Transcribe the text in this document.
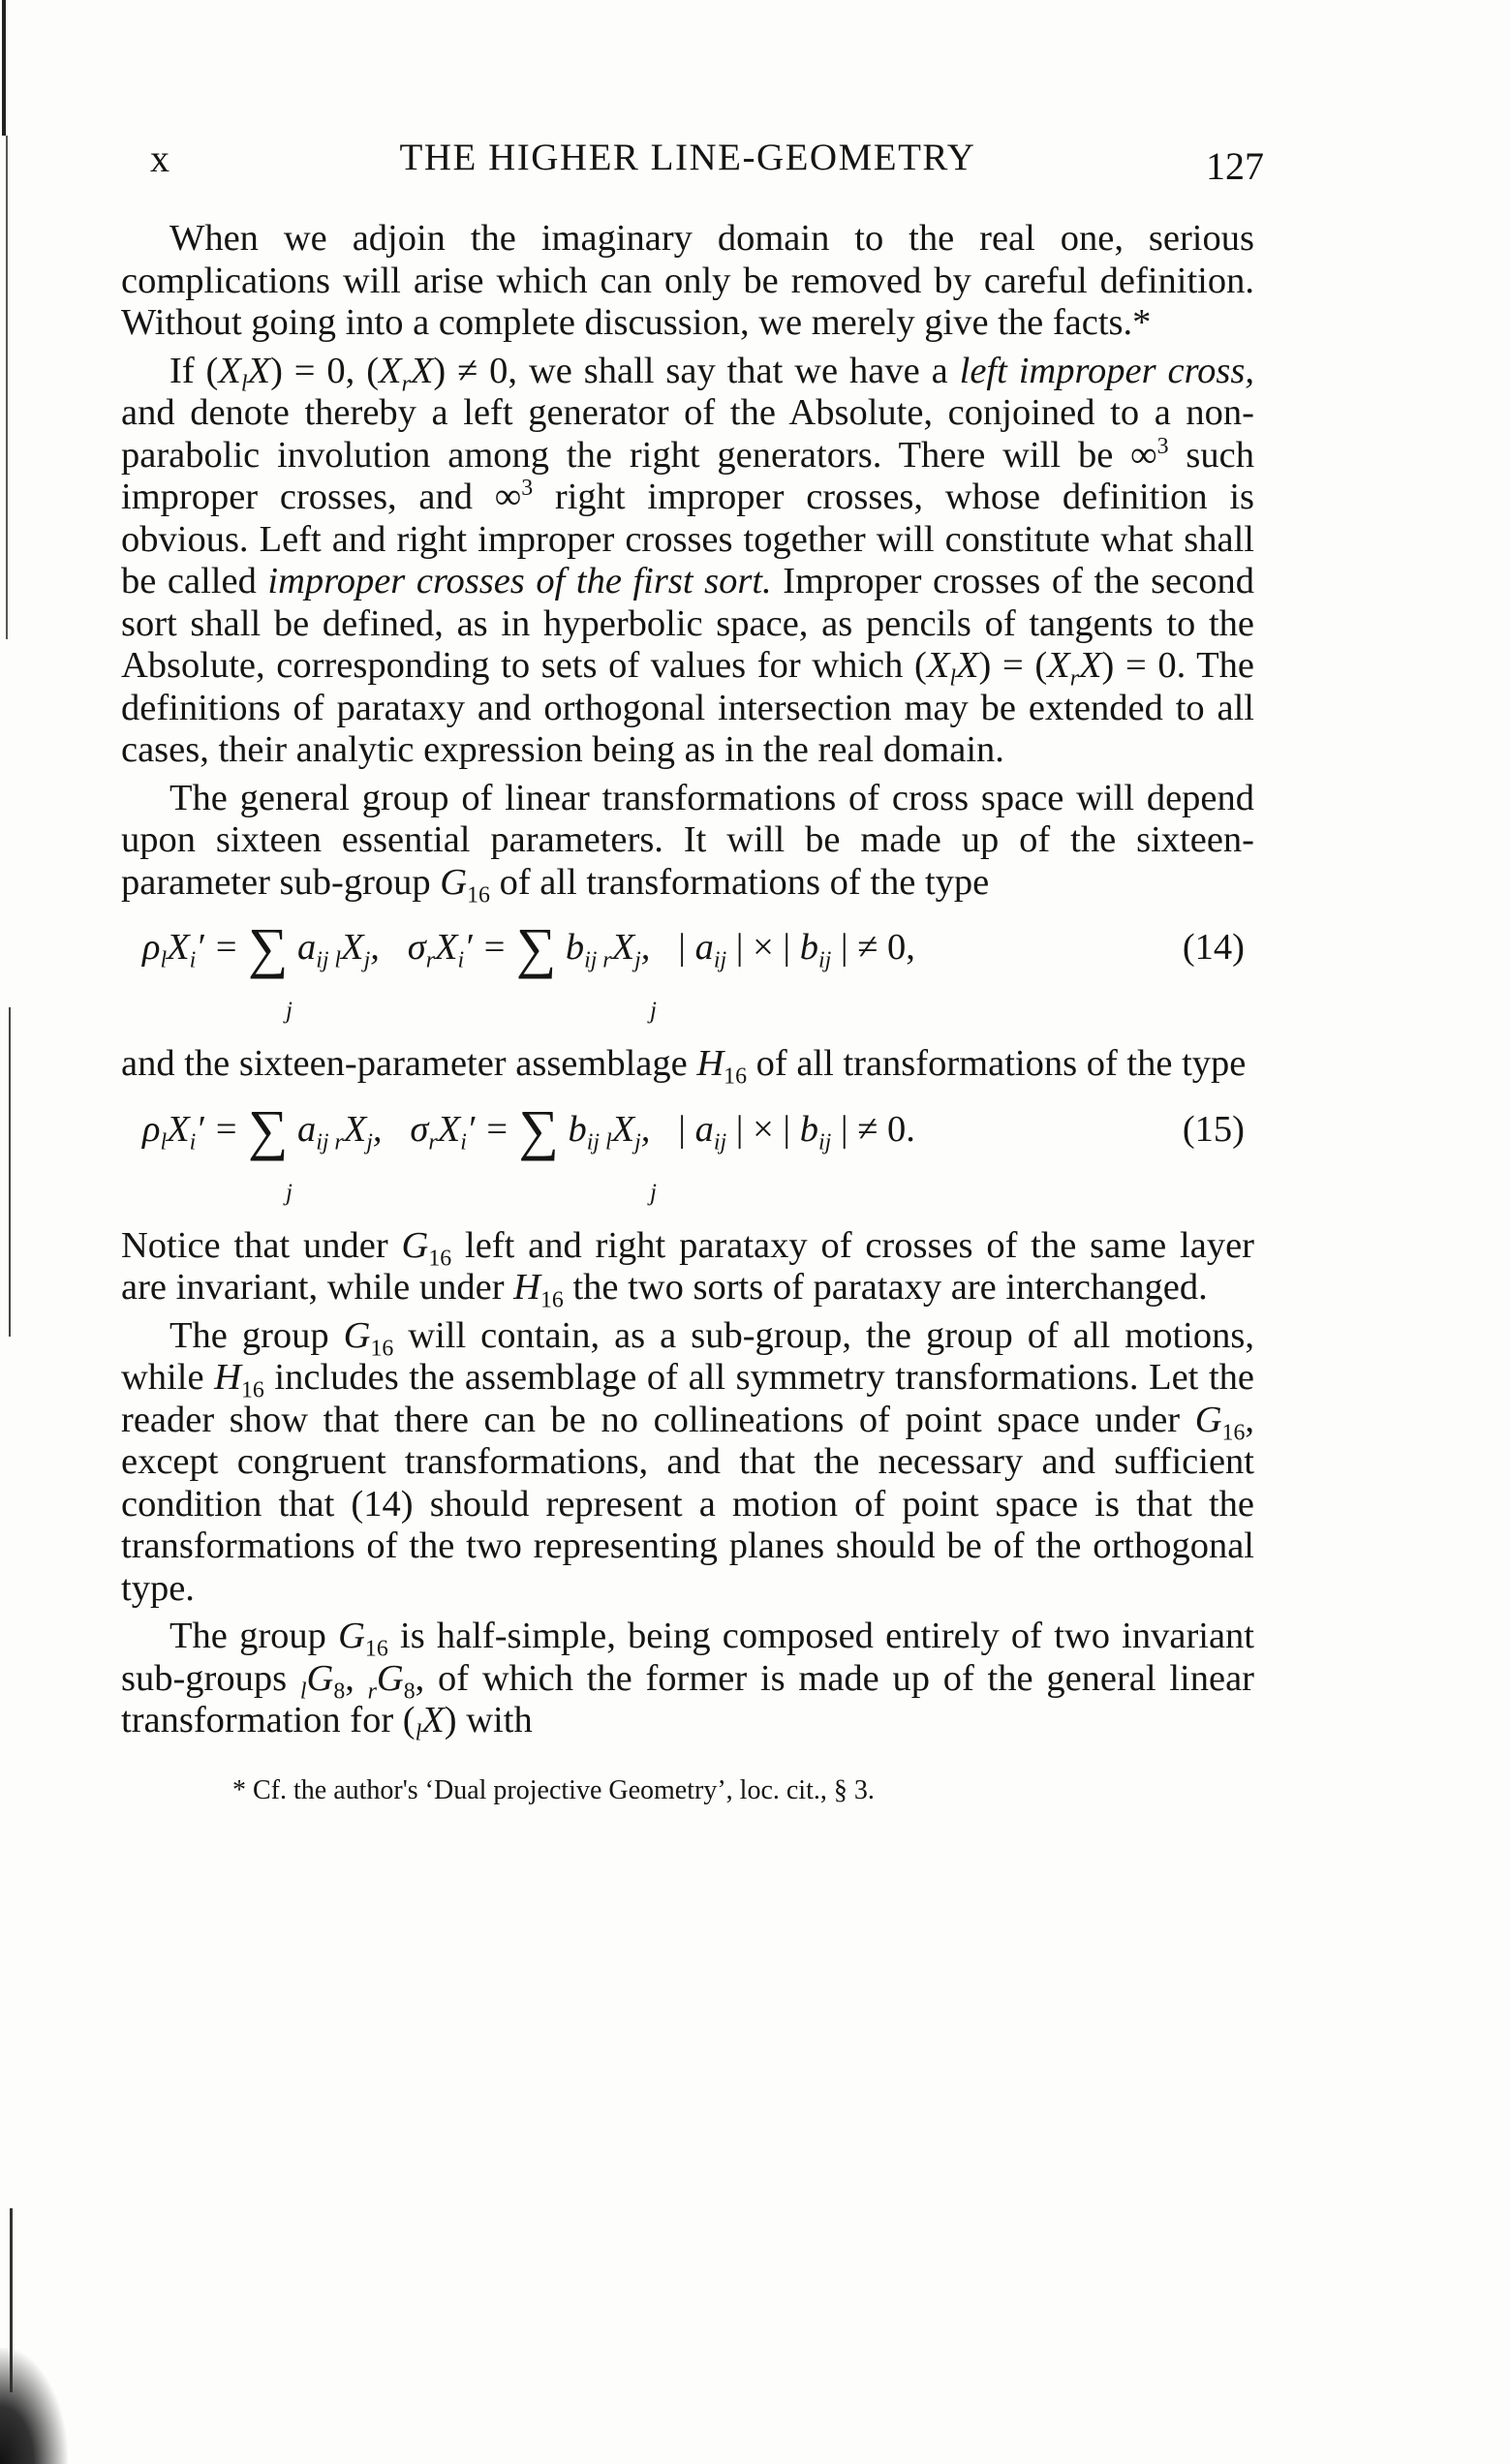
x	THE HIGHER LINE-GEOMETRY	127

When we adjoin the imaginary domain to the real one, serious complications will arise which can only be removed by careful definition. Without going into a complete discussion, we merely give the facts.*

If $(X_lX) = 0$, $(X_rX) \ne 0$, we shall say that we have a left improper cross, and denote thereby a left generator of the Absolute, conjoined to a non-parabolic involution among the right generators. There will be ∞$^3$ such improper crosses, and ∞$^3$ right improper crosses, whose definition is obvious. Left and right improper crosses together will constitute what shall be called improper crosses of the first sort. Improper crosses of the second sort shall be defined, as in hyperbolic space, as pencils of tangents to the Absolute, corresponding to sets of values for which $(X_lX) = (X_rX) = 0$. The definitions of parataxy and orthogonal intersection may be extended to all cases, their analytic expression being as in the real domain.

The general group of linear transformations of cross space will depend upon sixteen essential parameters. It will be made up of the sixteen-parameter sub-group $G_{16}$ of all transformations of the type

$\rho_lX_i'$ = ∑ $a_{ij l}X_j$,   $\sigma_rX_i'$ = ∑ $b_{ij r}X_j$,   | $a_{ij}$ | × | $b_{ij}$ | ≠ 0,
j	j
(14)

and the sixteen-parameter assemblage $H_{16}$ of all transformations of the type

$\rho_lX_i'$ = ∑ $a_{ij r}X_j$,   $\sigma_rX_i'$ = ∑ $b_{ij l}X_j$,   | $a_{ij}$ | × | $b_{ij}$ | ≠ 0.
j	j
(15)

Notice that under $G_{16}$ left and right parataxy of crosses of the same layer are invariant, while under $H_{16}$ the two sorts of parataxy are interchanged.

The group $G_{16}$ will contain, as a sub-group, the group of all motions, while $H_{16}$ includes the assemblage of all symmetry transformations. Let the reader show that there can be no collineations of point space under $G_{16}$, except congruent transformations, and that the necessary and sufficient condition that (14) should represent a motion of point space is that the transformations of the two representing planes should be of the orthogonal type.

The group $G_{16}$ is half-simple, being composed entirely of two invariant sub-groups $_lG_8$, $_rG_8$, of which the former is made up of the general linear transformation for $(_lX)$ with

* Cf. the author's ‘Dual projective Geometry’, loc. cit., § 3.
